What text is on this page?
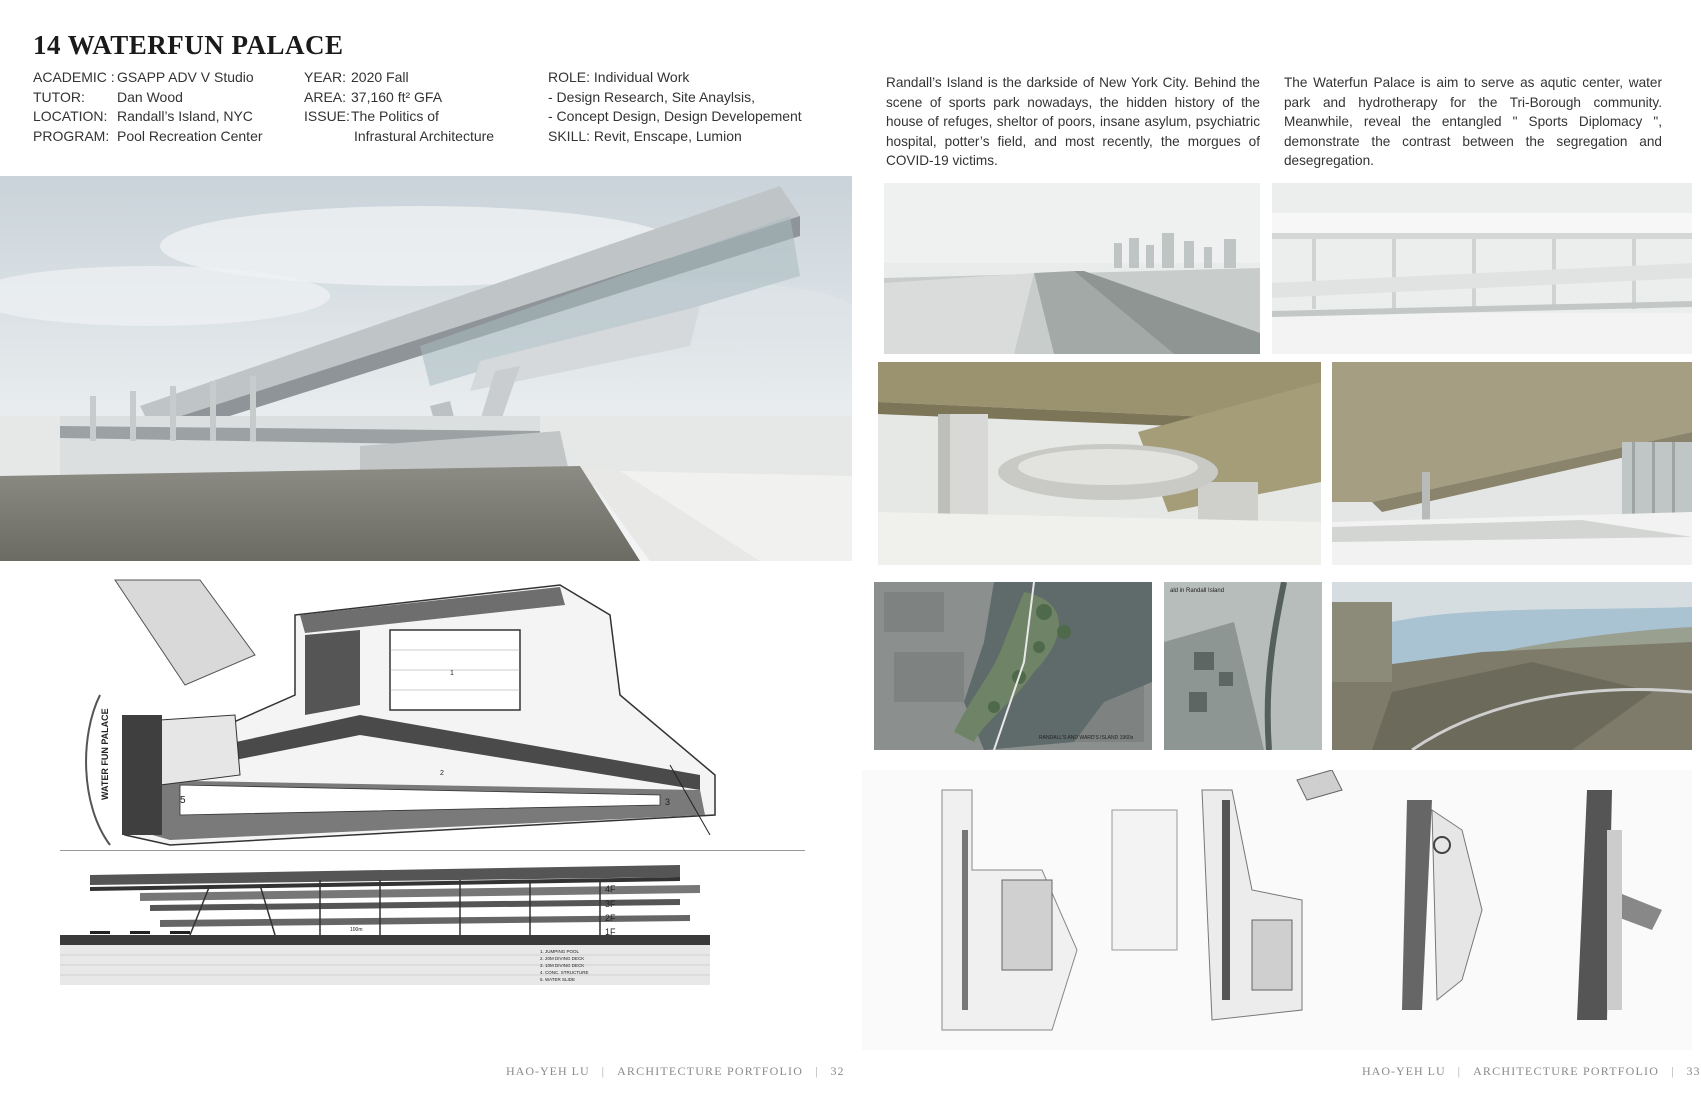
14 WATERFUN PALACE
ACADEMIC : GSAPP ADV V Studio
TUTOR:	Dan Wood
LOCATION: Randall’s Island, NYC
PROGRAM: Pool Recreation Center
YEAR: 2020 Fall
AREA: 37,160 ft² GFA
ISSUE: The Politics of
Infrastural Architecture
ROLE: Individual Work
- Design Research, Site Anaylsis,
- Concept Design, Design Developement
SKILL: Revit, Enscape, Lumion
Randall’s Island is the darkside of New York City. Behind the scene of sports park nowadays, the hidden history of the house of refuges, sheltor of poors, insane asylum, psychiatric hospital, potter’s field, and most recently, the morgues of COVID-19 victims.
The Waterfun Palace is aim to serve as aqutic center, water park and hydrotherapy for the Tri-Borough community. Meanwhile, reveal the entangled " Sports Diplomacy ", demonstrate the contrast between the segregation and desegregation.
RANDALL'S AND WARD'S ISLAND 1960s
ald in Randall Island
WATER FUN PALACE
1
2
3
5
4F
3F
2F
1F
100m
1. JUMPING POOL
2. 20M DIVING DECK
3. 10M DIVING DECK
4. CONC. STRUCTURE
5. WATER SLIDE
HAO-YEH LU | ARCHITECTURE PORTFOLIO | 32	HAO-YEH LU | ARCHITECTURE PORTFOLIO | 33
